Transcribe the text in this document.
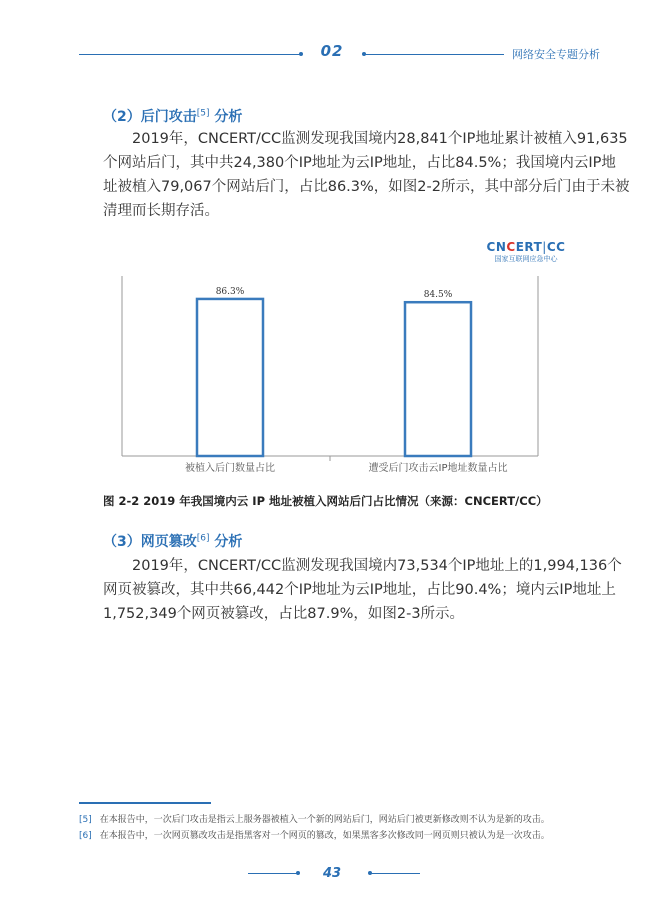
02	网络安全专题分析
（2）后门攻击[5] 分析
2019年，CNCERT/CC监测发现我国境内28,841个IP地址累计被植入91,635
个网站后门，其中共24,380个IP地址为云IP地址，占比84.5%；我国境内云IP地
址被植入79,067个网站后门，占比86.3%，如图2-2所示，其中部分后门由于未被
清理而长期存活。
CNCERT|CC
国家互联网应急中心
86.3%
被植入后门数量占比
84.5%
遭受后门攻击云IP地址数量占比
图 2-2 2019 年我国境内云 IP 地址被植入网站后门占比情况（来源：CNCERT/CC）
（3）网页篡改[6] 分析
2019年，CNCERT/CC监测发现我国境内73,534个IP地址上的1,994,136个
网页被篡改，其中共66,442个IP地址为云IP地址，占比90.4%；境内云IP地址上
1,752,349个网页被篡改，占比87.9%，如图2-3所示。
[5] 在本报告中，一次后门攻击是指云上服务器被植入一个新的网站后门，网站后门被更新修改则不认为是新的攻击。
[6] 在本报告中，一次网页篡改攻击是指黑客对一个网页的篡改，如果黑客多次修改同一网页则只被认为是一次攻击。
43
